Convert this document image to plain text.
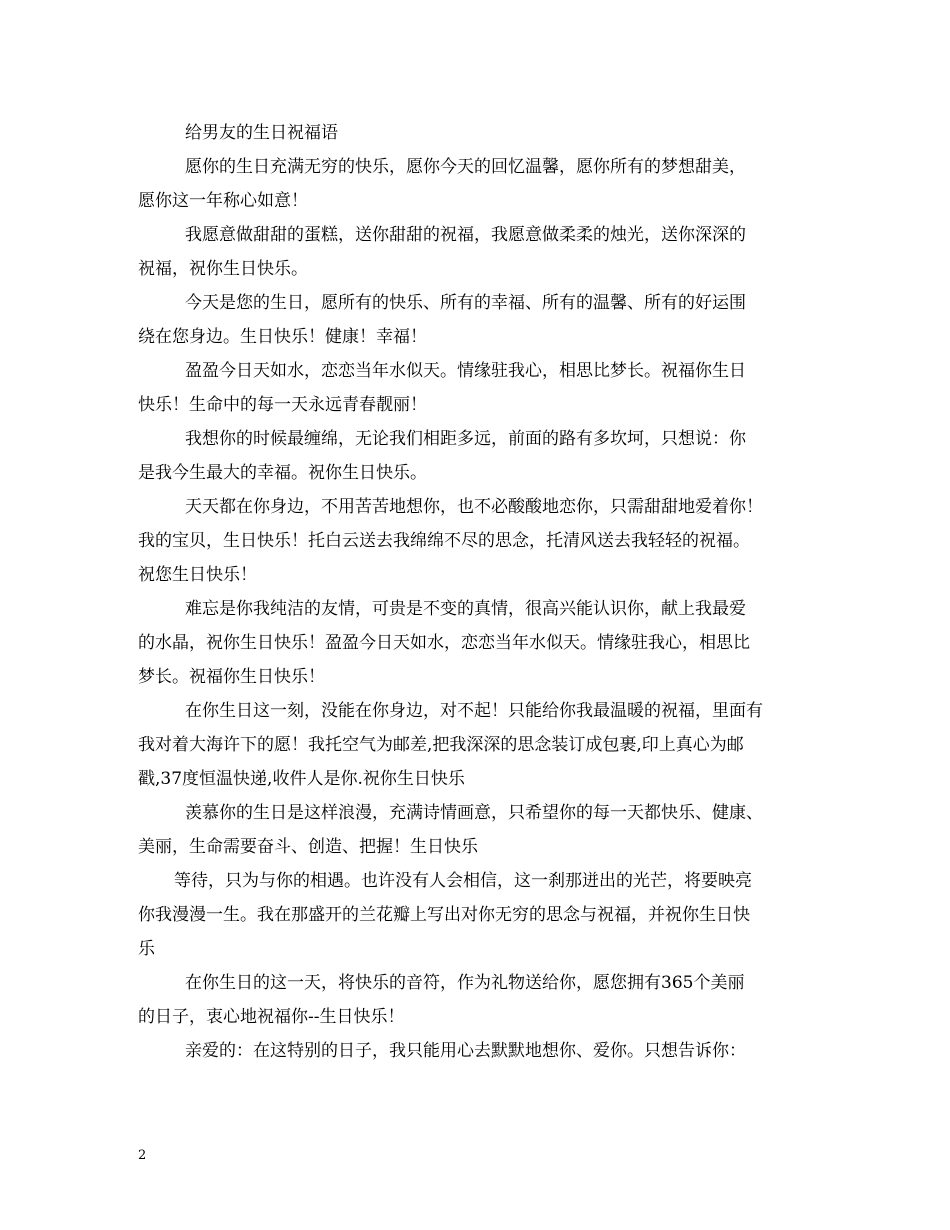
给男友的生日祝福语
愿你的生日充满无穷的快乐，愿你今天的回忆温馨，愿你所有的梦想甜美，
愿你这一年称心如意！
我愿意做甜甜的蛋糕，送你甜甜的祝福，我愿意做柔柔的烛光，送你深深的
祝福，祝你生日快乐。
今天是您的生日，愿所有的快乐、所有的幸福、所有的温馨、所有的好运围
绕在您身边。生日快乐！健康！幸福！
盈盈今日天如水，恋恋当年水似天。情缘驻我心，相思比梦长。祝福你生日
快乐！生命中的每一天永远青春靓丽！
我想你的时候最缠绵，无论我们相距多远，前面的路有多坎坷，只想说：你
是我今生最大的幸福。祝你生日快乐。
天天都在你身边，不用苦苦地想你，也不必酸酸地恋你，只需甜甜地爱着你！
我的宝贝，生日快乐！托白云送去我绵绵不尽的思念，托清风送去我轻轻的祝福。
祝您生日快乐！
难忘是你我纯洁的友情，可贵是不变的真情，很高兴能认识你，献上我最爱
的水晶，祝你生日快乐！盈盈今日天如水，恋恋当年水似天。情缘驻我心，相思比
梦长。祝福你生日快乐！
在你生日这一刻，没能在你身边，对不起！只能给你我最温暖的祝福，里面有
我对着大海许下的愿！我托空气为邮差,把我深深的思念装订成包裹,印上真心为邮
戳,37度恒温快递,收件人是你.祝你生日快乐
羡慕你的生日是这样浪漫，充满诗情画意，只希望你的每一天都快乐、健康、
美丽，生命需要奋斗、创造、把握！生日快乐
等待，只为与你的相遇。也许没有人会相信，这一刹那迸出的光芒，将要映亮
你我漫漫一生。我在那盛开的兰花瓣上写出对你无穷的思念与祝福，并祝你生日快
乐
在你生日的这一天，将快乐的音符，作为礼物送给你，愿您拥有365个美丽
的日子，衷心地祝福你--生日快乐！
亲爱的：在这特别的日子，我只能用心去默默地想你、爱你。只想告诉你：
2
